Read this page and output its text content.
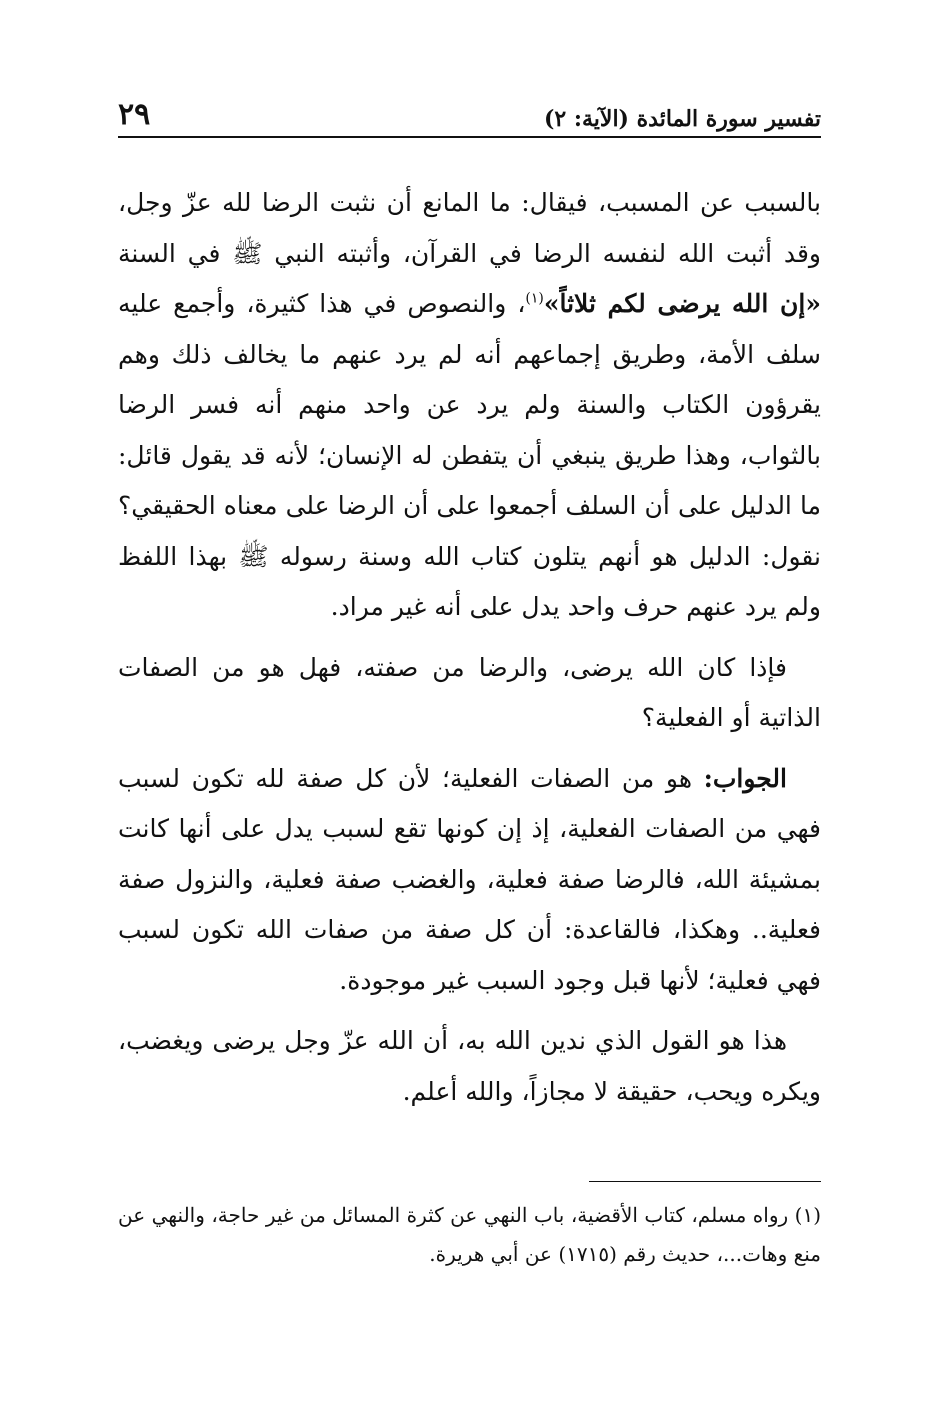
تفسير سورة المائدة (الآية: ٢)
٢٩

بالسبب عن المسبب، فيقال: ما المانع أن نثبت الرضا لله عزّ وجل، وقد أثبت الله لنفسه الرضا في القرآن، وأثبته النبي ﷺ في السنة «إن الله يرضى لكم ثلاثاً»$^{(١)}$، والنصوص في هذا كثيرة، وأجمع عليه سلف الأمة، وطريق إجماعهم أنه لم يرد عنهم ما يخالف ذلك وهم يقرؤون الكتاب والسنة ولم يرد عن واحد منهم أنه فسر الرضا بالثواب، وهذا طريق ينبغي أن يتفطن له الإنسان؛ لأنه قد يقول قائل: ما الدليل على أن السلف أجمعوا على أن الرضا على معناه الحقيقي؟ نقول: الدليل هو أنهم يتلون كتاب الله وسنة رسوله ﷺ بهذا اللفظ ولم يرد عنهم حرف واحد يدل على أنه غير مراد.

فإذا كان الله يرضى، والرضا من صفته، فهل هو من الصفات الذاتية أو الفعلية؟

الجواب: هو من الصفات الفعلية؛ لأن كل صفة لله تكون لسبب فهي من الصفات الفعلية، إذ إن كونها تقع لسبب يدل على أنها كانت بمشيئة الله، فالرضا صفة فعلية، والغضب صفة فعلية، والنزول صفة فعلية.. وهكذا، فالقاعدة: أن كل صفة من صفات الله تكون لسبب فهي فعلية؛ لأنها قبل وجود السبب غير موجودة.

هذا هو القول الذي ندين الله به، أن الله عزّ وجل يرضى ويغضب، ويكره ويحب، حقيقة لا مجازاً، والله أعلم.

(١) رواه مسلم، كتاب الأقضية، باب النهي عن كثرة المسائل من غير حاجة، والنهي عن منع وهات...، حديث رقم (١٧١٥) عن أبي هريرة.
